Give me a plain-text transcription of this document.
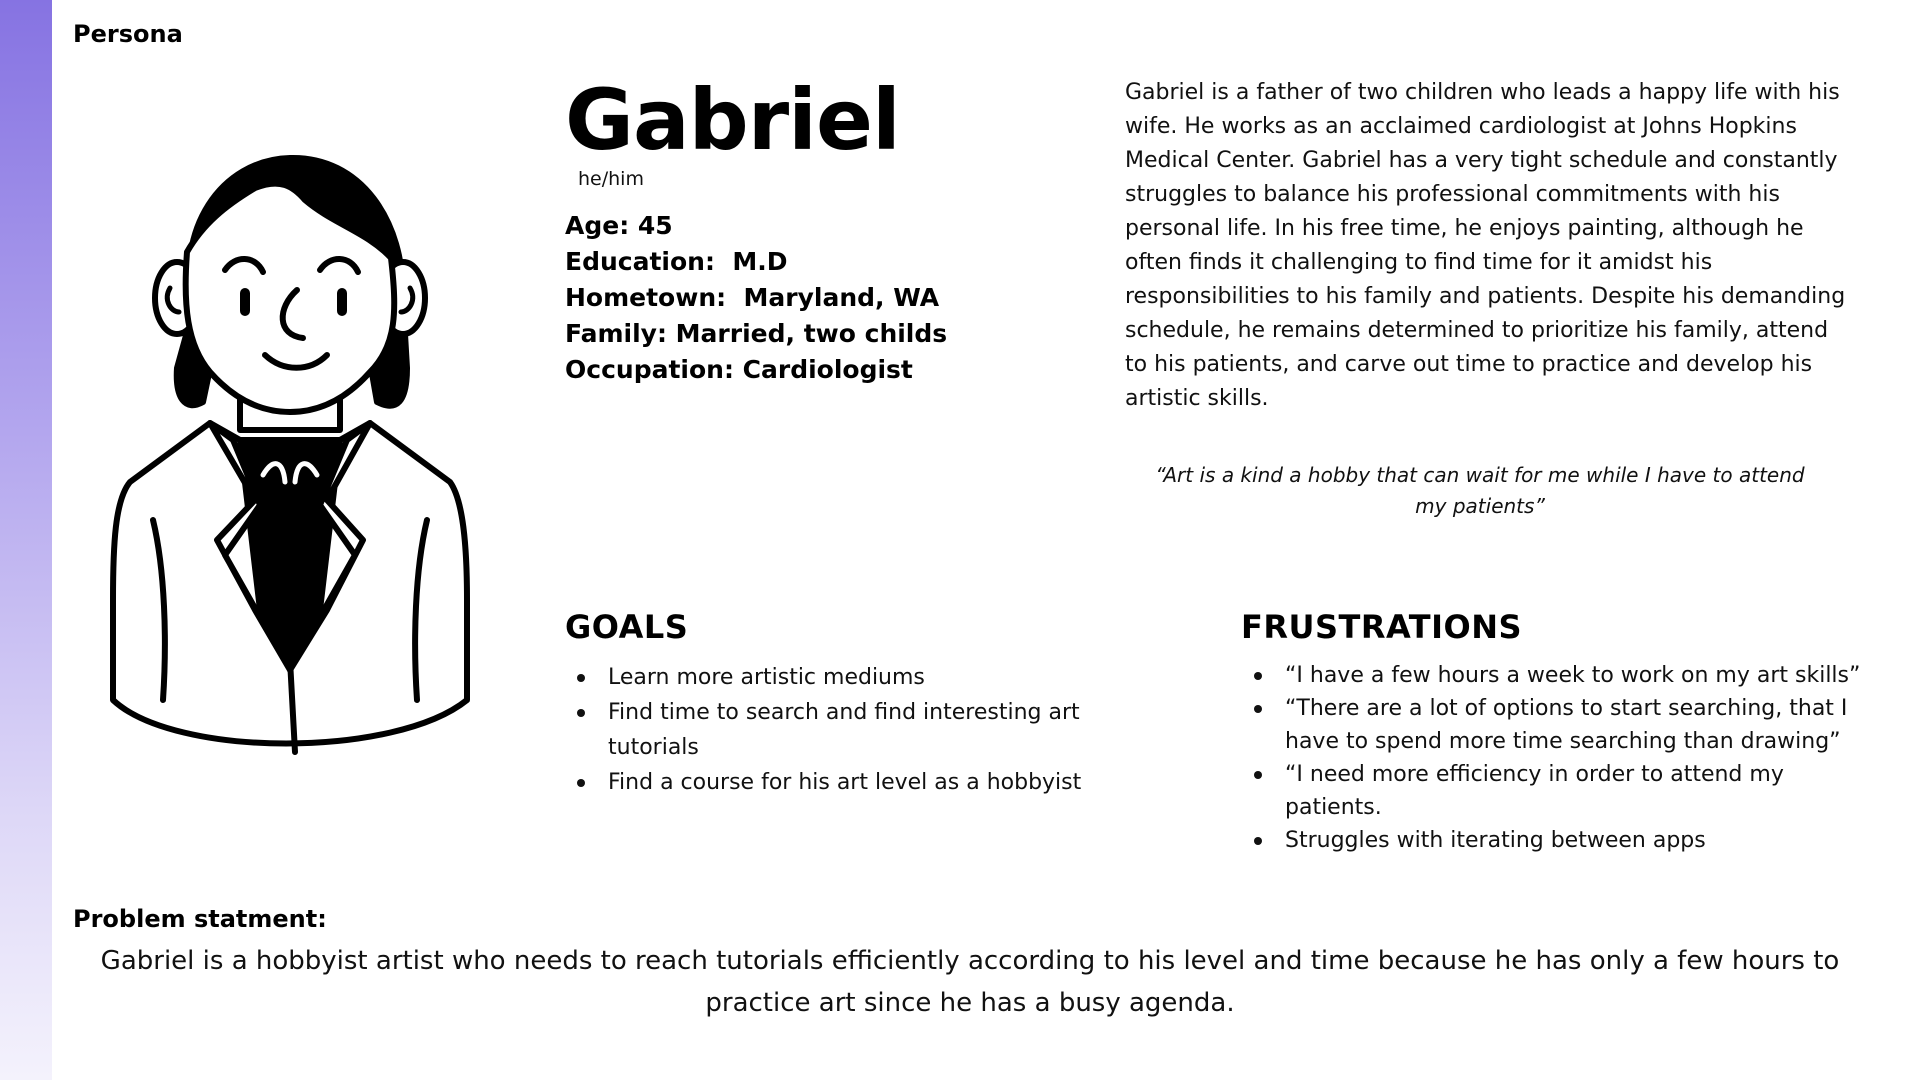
Persona
Gabriel
he/him
Age: 45
Education:  M.D
Hometown:  Maryland, WA
Family: Married, two childs
Occupation: Cardiologist
Gabriel is a father of two children who leads a happy life with his wife. He works as an acclaimed cardiologist at Johns Hopkins Medical Center. Gabriel has a very tight schedule and constantly struggles to balance his professional commitments with his personal life. In his free time, he enjoys painting, although he often finds it challenging to find time for it amidst his responsibilities to his family and patients. Despite his demanding schedule, he remains determined to prioritize his family, attend to his patients, and carve out time to practice and develop his artistic skills.
“Art is a kind a hobby that can wait for me while I have to attend my patients”
GOALS
Learn more artistic mediums
Find time to search and find interesting art tutorials
Find a course for his art level as a hobbyist
FRUSTRATIONS
“I have a few hours a week to work on my art skills”
“There are a lot of options to start searching, that I have to spend more time searching than drawing”
“I need more efficiency in order to attend my patients.
Struggles with iterating between apps
Problem statment:
Gabriel is a hobbyist artist who needs to reach tutorials efficiently according to his level and time because he has only a few hours to practice art since he has a busy agenda.
